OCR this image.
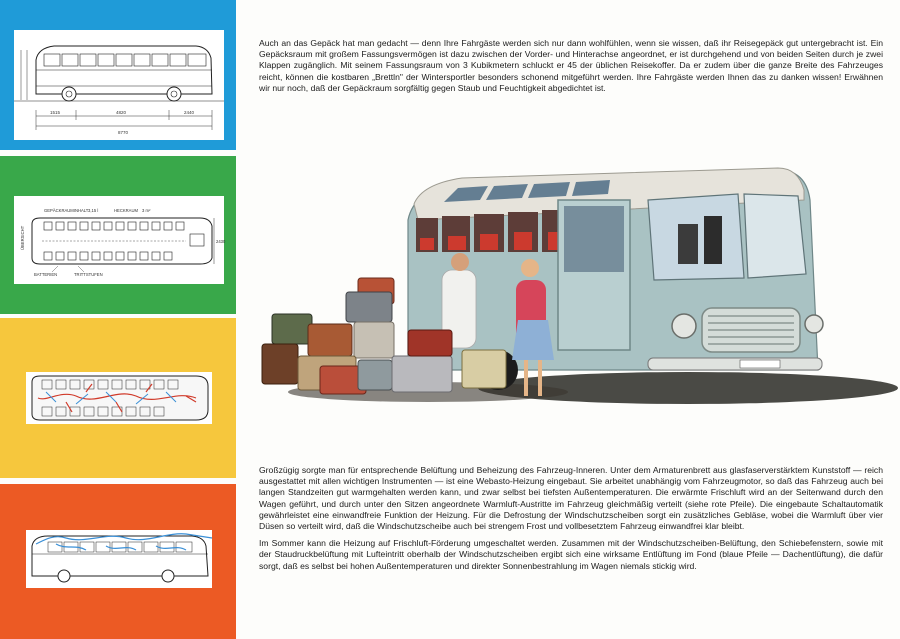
1515	4820	2440
8770
GEPÄCKRAUMINHALT 3,15 l	HECKRAUM 3 m²
2430
ÜBERSICHT
BATTERIEN	TRITTSTUFEN

Auch an das Gepäck hat man gedacht — denn Ihre Fahrgäste werden sich nur dann wohlfühlen, wenn sie wissen, daß ihr Reisegepäck gut untergebracht ist. Ein Gepäcksraum mit großem Fassungsvermögen ist dazu zwischen der Vorder- und Hinterachse angeordnet, er ist durchgehend und von beiden Seiten durch je zwei Klappen zugänglich. Mit seinem Fassungsraum von 3 Kubikmetern schluckt er 45 der üblichen Reisekoffer. Da er zudem über die ganze Breite des Fahrzeuges reicht, können die kostbaren „Brettln" der Wintersportler besonders schonend mitgeführt werden. Ihre Fahrgäste werden Ihnen das zu danken wissen! Erwähnen wir nur noch, daß der Gepäckraum sorgfältig gegen Staub und Feuchtigkeit abgedichtet ist.

Großzügig sorgte man für entsprechende Belüftung und Beheizung des Fahrzeug-Inneren. Unter dem Armaturenbrett aus glasfaserverstärktem Kunststoff — reich ausgestattet mit allen wichtigen Instrumenten — ist eine Webasto-Heizung eingebaut. Sie arbeitet unabhängig vom Fahrzeugmotor, so daß das Fahrzeug auch bei langen Standzeiten gut warmgehalten werden kann, und zwar selbst bei tiefsten Außentemperaturen. Die erwärmte Frischluft wird an der Seitenwand durch den Wagen geführt, und durch unter den Sitzen angeordnete Warmluft-Austritte im Fahrzeug gleichmäßig verteilt (siehe rote Pfeile). Die eingebaute Schaltautomatik gewährleistet eine einwandfreie Funktion der Heizung. Für die Defrostung der Windschutzscheiben sorgt ein zusätzliches Gebläse, wobei die Warmluft über vier Düsen so verteilt wird, daß die Windschutzscheibe auch bei strengem Frost und vollbesetztem Fahrzeug einwandfrei klar bleibt.

Im Sommer kann die Heizung auf Frischluft-Förderung umgeschaltet werden. Zusammen mit der Windschutzscheiben-Belüftung, den Schiebefenstern, sowie mit der Staudruckbelüftung mit Lufteintritt oberhalb der Windschutzscheiben ergibt sich eine wirksame Entlüftung im Fond (blaue Pfeile — Dachentlüftung), die dafür sorgt, daß es selbst bei hohen Außentemperaturen und direkter Sonnenbestrahlung im Wagen niemals stickig wird.
